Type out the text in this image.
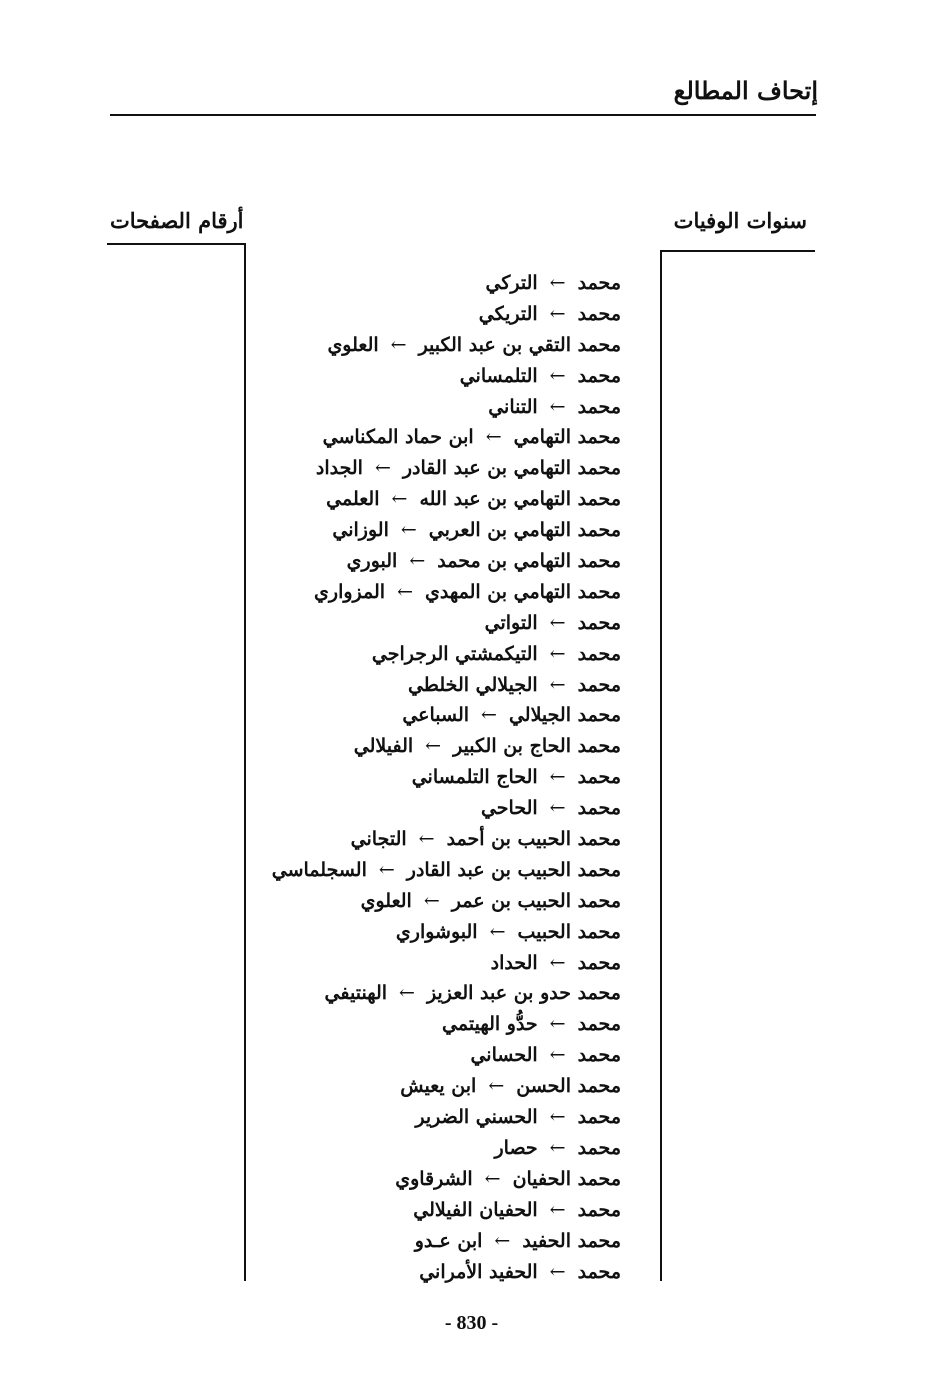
إتحاف المطالع
سنوات الوفيات
أرقام الصفحات
محمد←التركي
محمد←التريكي
محمد التقي بن عبد الكبير←العلوي
محمد←التلمساني
محمد←التناني
محمد التهامي←ابن حماد المكناسي
محمد التهامي بن عبد القادر←الجداد
محمد التهامي بن عبد الله←العلمي
محمد التهامي بن العربي←الوزاني
محمد التهامي بن محمد←البوري
محمد التهامي بن المهدي←المزواري
محمد←التواتي
محمد←التيكمشتي الرجراجي
محمد←الجيلالي الخلطي
محمد الجيلالي←السباعي
محمد الحاج بن الكبير←الفيلالي
محمد←الحاج التلمساني
محمد←الحاحي
محمد الحبيب بن أحمد←التجاني
محمد الحبيب بن عبد القادر←السجلماسي
محمد الحبيب بن عمر←العلوي
محمد الحبيب←البوشواري
محمد←الحداد
محمد حدو بن عبد العزيز←الهنتيفي
محمد←حدُّو الهيتمي
محمد←الحساني
محمد الحسن←ابن يعيش
محمد←الحسني الضرير
محمد←حصار
محمد الحفيان←الشرقاوي
محمد←الحفيان الفيلالي
محمد الحفيد←ابن عـدو
محمد←الحفيد الأمراني
- 830 -
